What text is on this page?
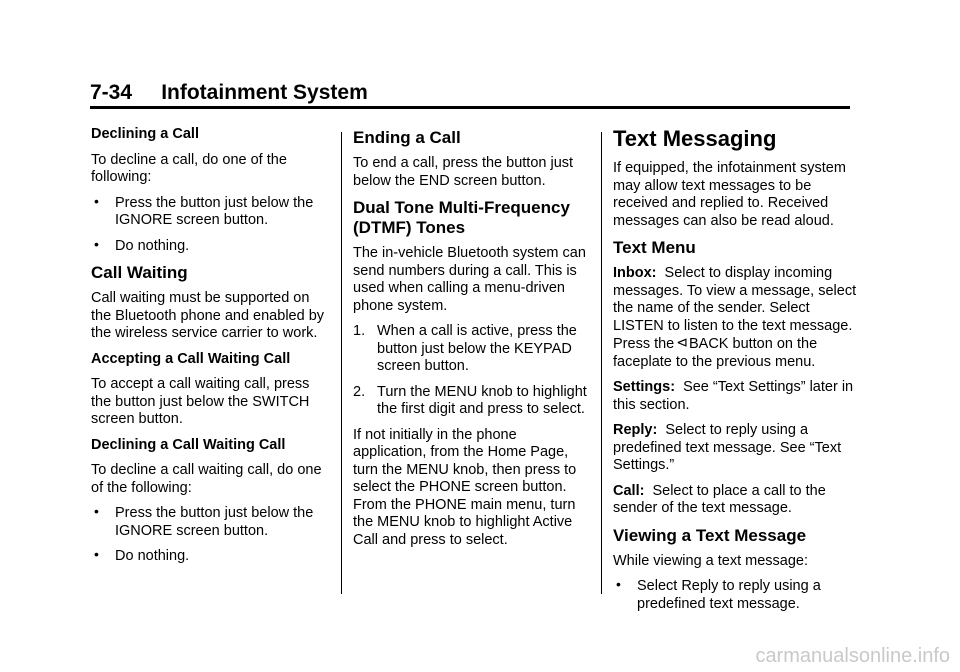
7-34     Infotainment System

Declining a Call

To decline a call, do one of the following:

• Press the button just below the IGNORE screen button.
• Do nothing.
Call Waiting

Call waiting must be supported on the Bluetooth phone and enabled by the wireless service carrier to work.

Accepting a Call Waiting Call

To accept a call waiting call, press the button just below the SWITCH screen button.

Declining a Call Waiting Call

To decline a call waiting call, do one of the following:

• Press the button just below the IGNORE screen button.
• Do nothing.
Ending a Call

To end a call, press the button just below the END screen button.

Dual Tone Multi-Frequency (DTMF) Tones

The in-vehicle Bluetooth system can send numbers during a call. This is used when calling a menu-driven phone system.

1. When a call is active, press the button just below the KEYPAD screen button.
2. Turn the MENU knob to highlight the first digit and press to select.

If not initially in the phone application, from the Home Page, turn the MENU knob, then press to select the PHONE screen button. From the PHONE main menu, turn the MENU knob to highlight Active Call and press to select.

Text Messaging

If equipped, the infotainment system may allow text messages to be received and replied to. Received messages can also be read aloud.

Text Menu

Inbox: Select to display incoming messages. To view a message, select the name of the sender. Select LISTEN to listen to the text message. Press the ⊲BACK button on the faceplate to the previous menu.

Settings: See “Text Settings” later in this section.

Reply: Select to reply using a predefined text message. See “Text Settings.”

Call: Select to place a call to the sender of the text message.

Viewing a Text Message

While viewing a text message:

• Select Reply to reply using a predefined text message.
carmanualsonline.info
